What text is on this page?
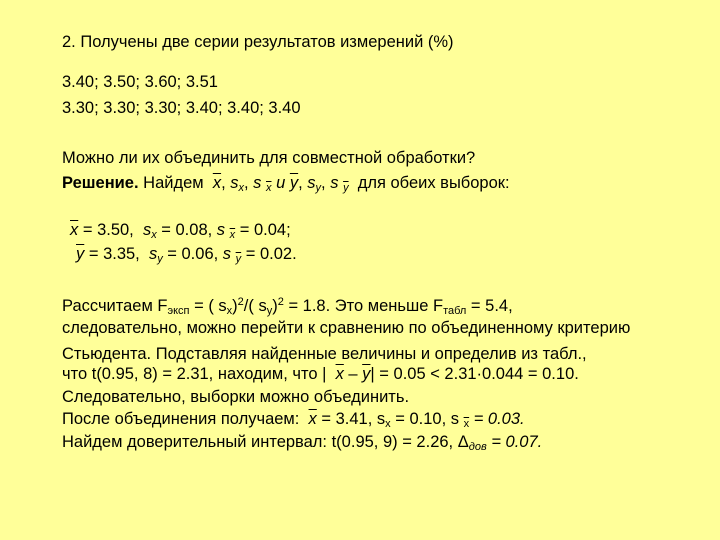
2. Получены две серии результатов измерений (%)
3.40; 3.50; 3.60; 3.51
3.30; 3.30; 3.30; 3.40; 3.40; 3.40
Можно ли их объединить для совместной обработки?
Решение. Найдем $\overline{x}$, $s_x$, s $_{\overline{x}}$ и $\overline{y}$, $s_y$, s $_{\overline{y}}$ для обеих выборок:
$\overline{x} = 3.50$, $s_x = 0.08$, s $_{\overline{x}}$ = 0.04;
$\overline{y} = 3.35$, $s_y = 0.06$, s $_{\overline{y}}$ = 0.02.
Рассчитаем $F_{эксп}$ = ( $s_x)^2/$( $s_y)^2 = 1.8$. Это меньше $F_{табл} = 5.4$,
следовательно, можно перейти к сравнению по объединенному критерию
Стьюдента. Подставляя найденные величины и определив из табл.,
что t(0.95, 8) = 2.31, находим, что | $\overline{x} - \overline{y}| = 0.05 < 2.31\cdot 0.044 = 0.10$.
Следовательно, выборки можно объединить.
После объединения получаем: $\overline{x} = 3.41$, $s_x = 0.10$, s $_{\overline{x}}$ = 0.03.
Найдем доверительный интервал: t(0.95, 9) = 2.26, $\Delta_{дов} = 0.07$.
